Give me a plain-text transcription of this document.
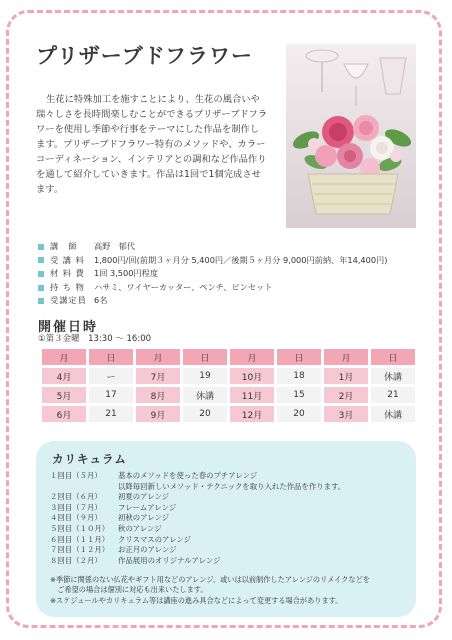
プリザーブドフラワー
生花に特殊加工を施すことにより、生花の風合いや瑞々しさを長時間楽しむことができるプリザーブドフラワーを使用し季節や行事をテーマにした作品を制作します。プリザーブドフラワー特有のメソッドや、カラーコーディネーション、インテリアとの調和など作品作りを通して紹介していきます。作品は1回で1個完成させます。
講　師	高野　郁代
受 講 料	1,800円/回(前期３ヶ月分 5,400円／後期５ヶ月分 9,000円前納、年14,400円)
材 料 費	1回 3,500円程度
持 ち 物	ハサミ、ワイヤーカッター、ペンチ、ピンセット
受講定員 6名
開催日時
①第３金曜　13:30 ～ 16:00
月	日	月	日	月	日	月	日
4月	ー	7月	19	10月	18	1月	休講
5月	17	8月	休講	11月	15	2月	21
6月	21	9月	20	12月	20	3月	休講
カリキュラム
１回目（５月）	基本のメソッドを使った春のプチアレンジ
以降毎回新しいメソッド・テクニックを取り入れた作品を作ります。
２回目（６月）	初夏のアレンジ
３回目（７月）	フレームアレンジ
４回目（９月）	初秋のアレンジ
５回目（１０月）	秋のアレンジ
６回目（１１月）	クリスマスのアレンジ
７回目（１２月）	お正月のアレンジ
８回目（２月）	作品展用のオリジナルアレンジ
※季節に関係のない仏花やギフト用などのアレンジ、或いは以前制作したアレンジのリメイクなどを
　ご希望の場合は個別に対応も出来いたします。
※スケジュールやカリキュラム等は講座の進み具合などによって変更する場合があります。
